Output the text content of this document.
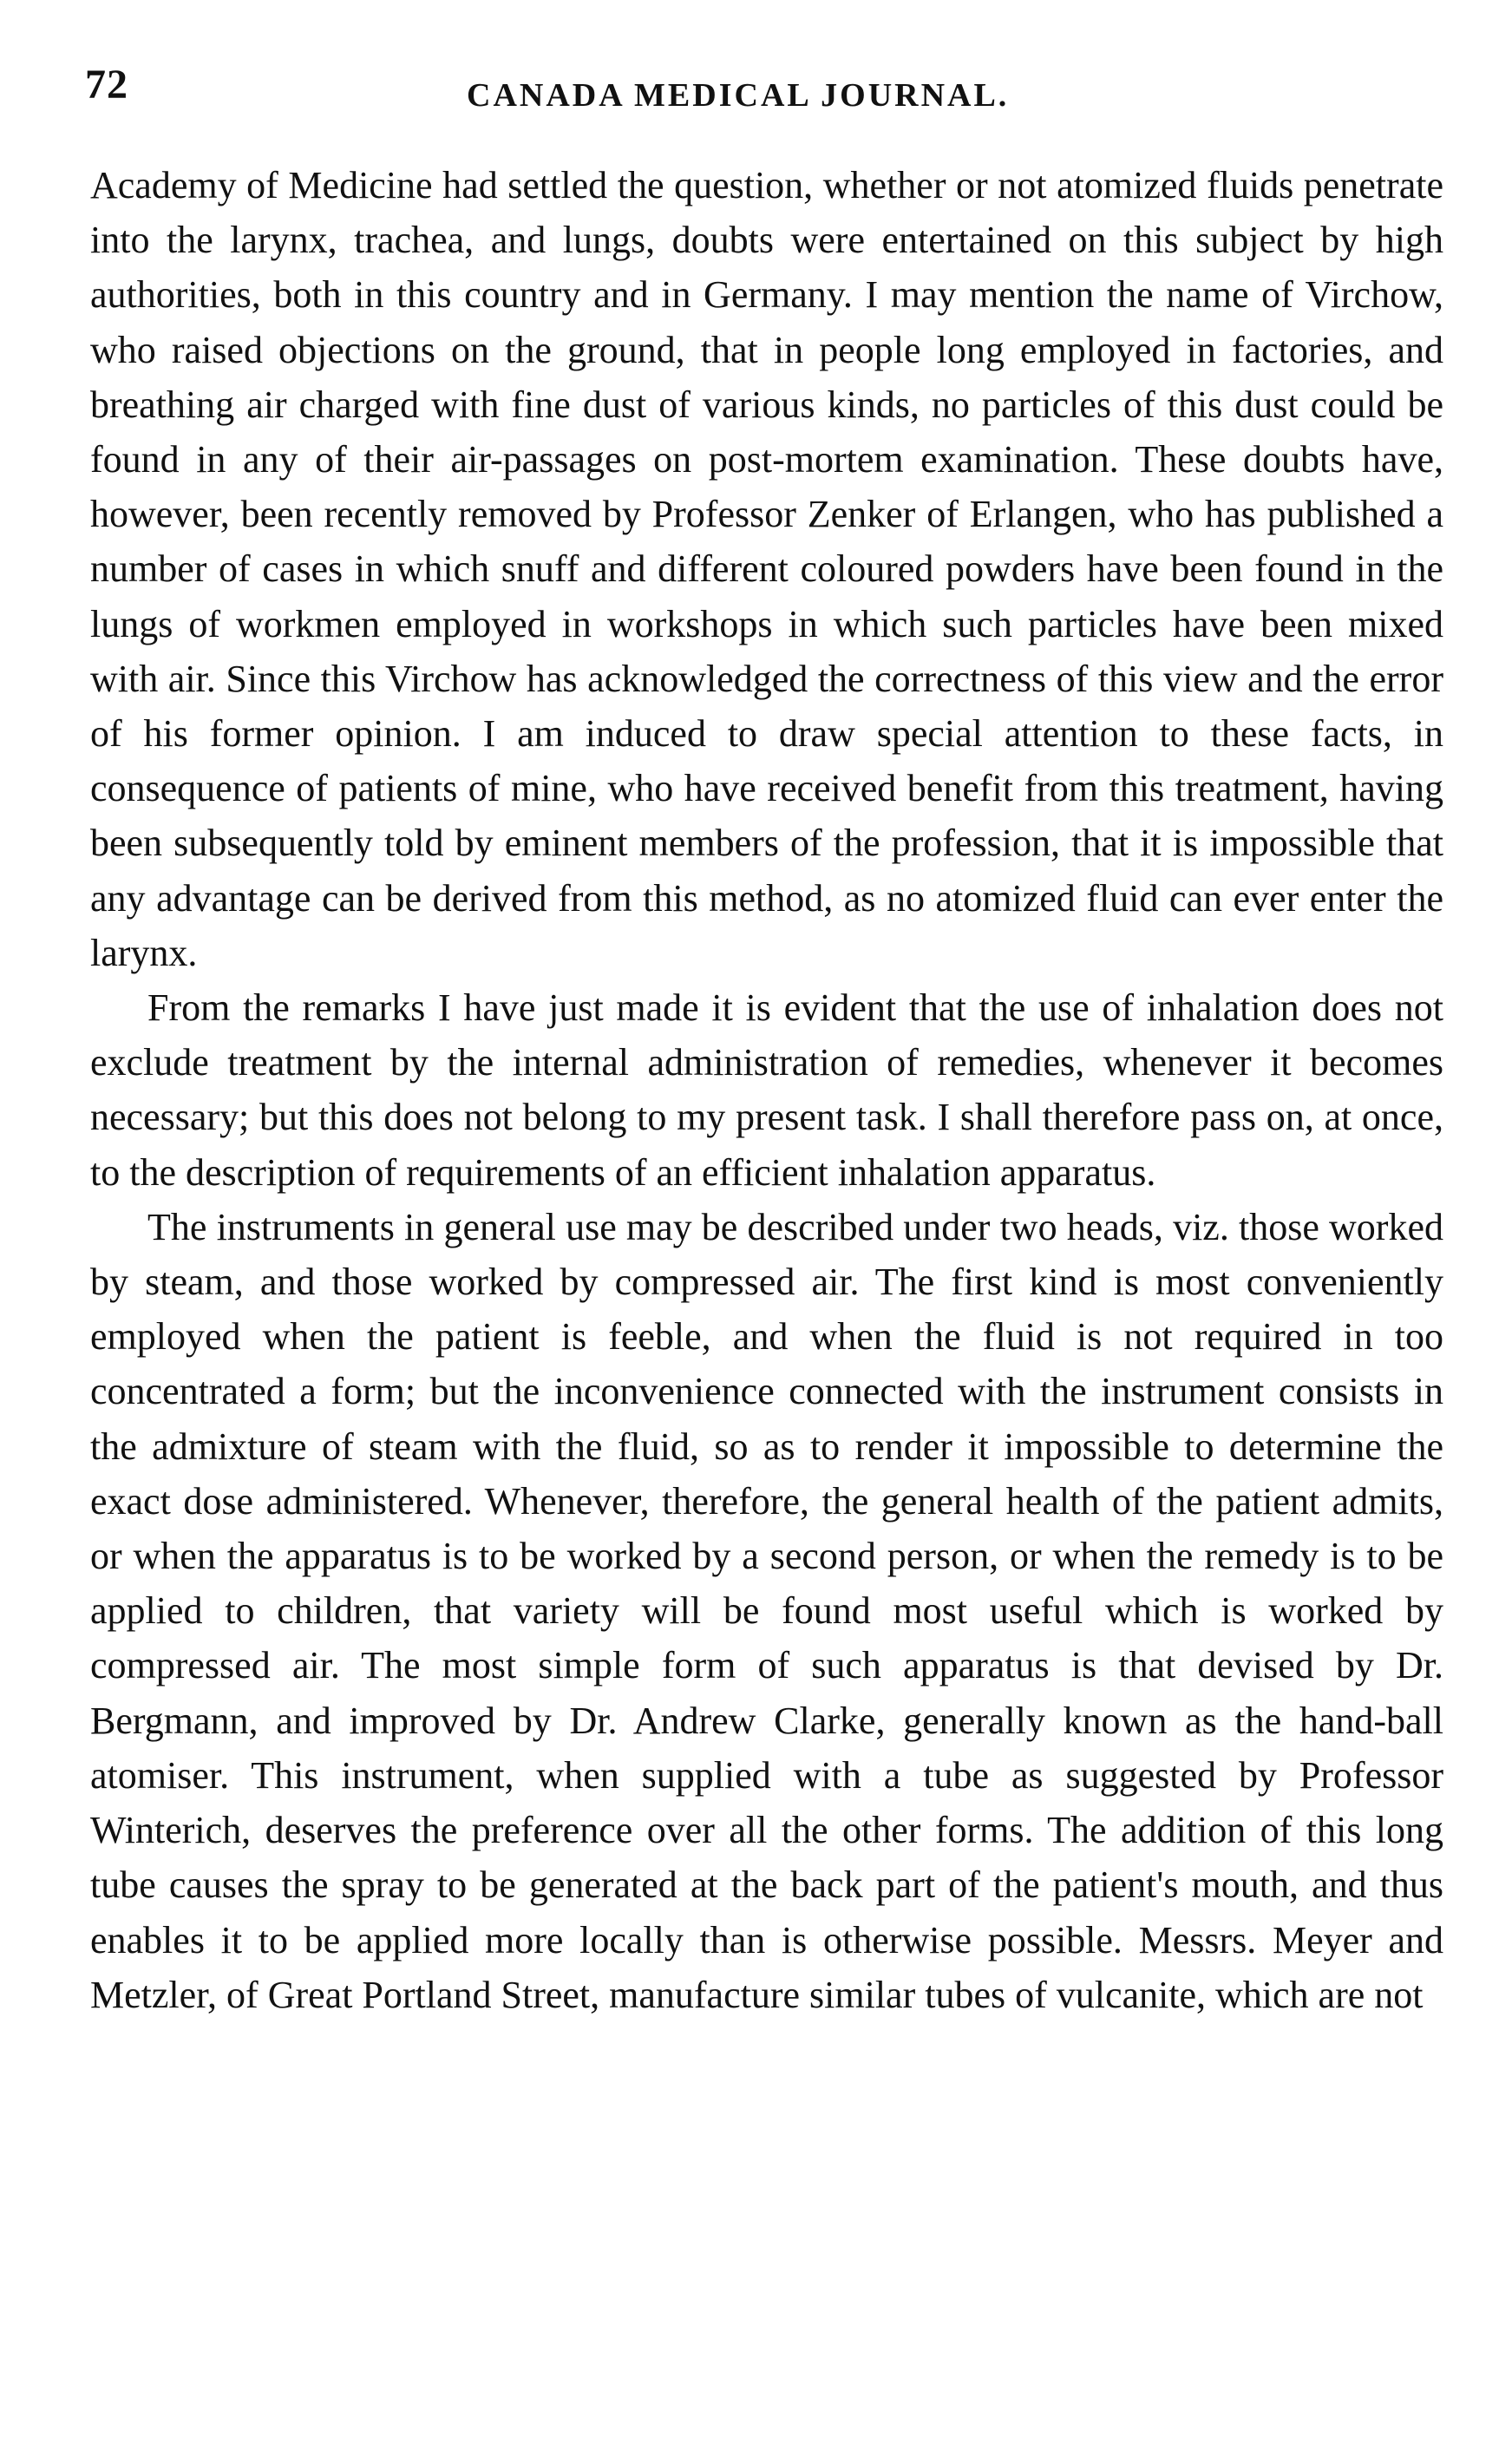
72	CANADA MEDICAL JOURNAL.

Academy of Medicine had settled the question, whether or not atomized fluids penetrate into the larynx, trachea, and lungs, doubts were entertained on this subject by high authorities, both in this country and in Germany. I may mention the name of Virchow, who raised objections on the ground, that in people long employed in factories, and breathing air charged with fine dust of various kinds, no particles of this dust could be found in any of their air-passages on post-mortem examination. These doubts have, however, been recently removed by Professor Zenker of Erlangen, who has published a number of cases in which snuff and different coloured powders have been found in the lungs of workmen employed in workshops in which such particles have been mixed with air. Since this Virchow has acknowledged the correctness of this view and the error of his former opinion. I am induced to draw special attention to these facts, in consequence of patients of mine, who have received benefit from this treatment, having been subsequently told by eminent members of the profession, that it is impossible that any advantage can be derived from this method, as no atomized fluid can ever enter the larynx.

From the remarks I have just made it is evident that the use of inhalation does not exclude treatment by the internal administration of remedies, whenever it becomes necessary; but this does not belong to my present task. I shall therefore pass on, at once, to the description of requirements of an efficient inhalation apparatus.

The instruments in general use may be described under two heads, viz. those worked by steam, and those worked by compressed air. The first kind is most conveniently employed when the patient is feeble, and when the fluid is not required in too concentrated a form; but the inconvenience connected with the instrument consists in the admixture of steam with the fluid, so as to render it impossible to determine the exact dose administered. Whenever, therefore, the general health of the patient admits, or when the apparatus is to be worked by a second person, or when the remedy is to be applied to children, that variety will be found most useful which is worked by compressed air. The most simple form of such apparatus is that devised by Dr. Bergmann, and improved by Dr. Andrew Clarke, generally known as the hand-ball atomiser. This instrument, when supplied with a tube as suggested by Professor Winterich, deserves the preference over all the other forms. The addition of this long tube causes the spray to be generated at the back part of the patient's mouth, and thus enables it to be applied more locally than is otherwise possible. Messrs. Meyer and Metzler, of Great Portland Street, manufacture similar tubes of vulcanite, which are not
